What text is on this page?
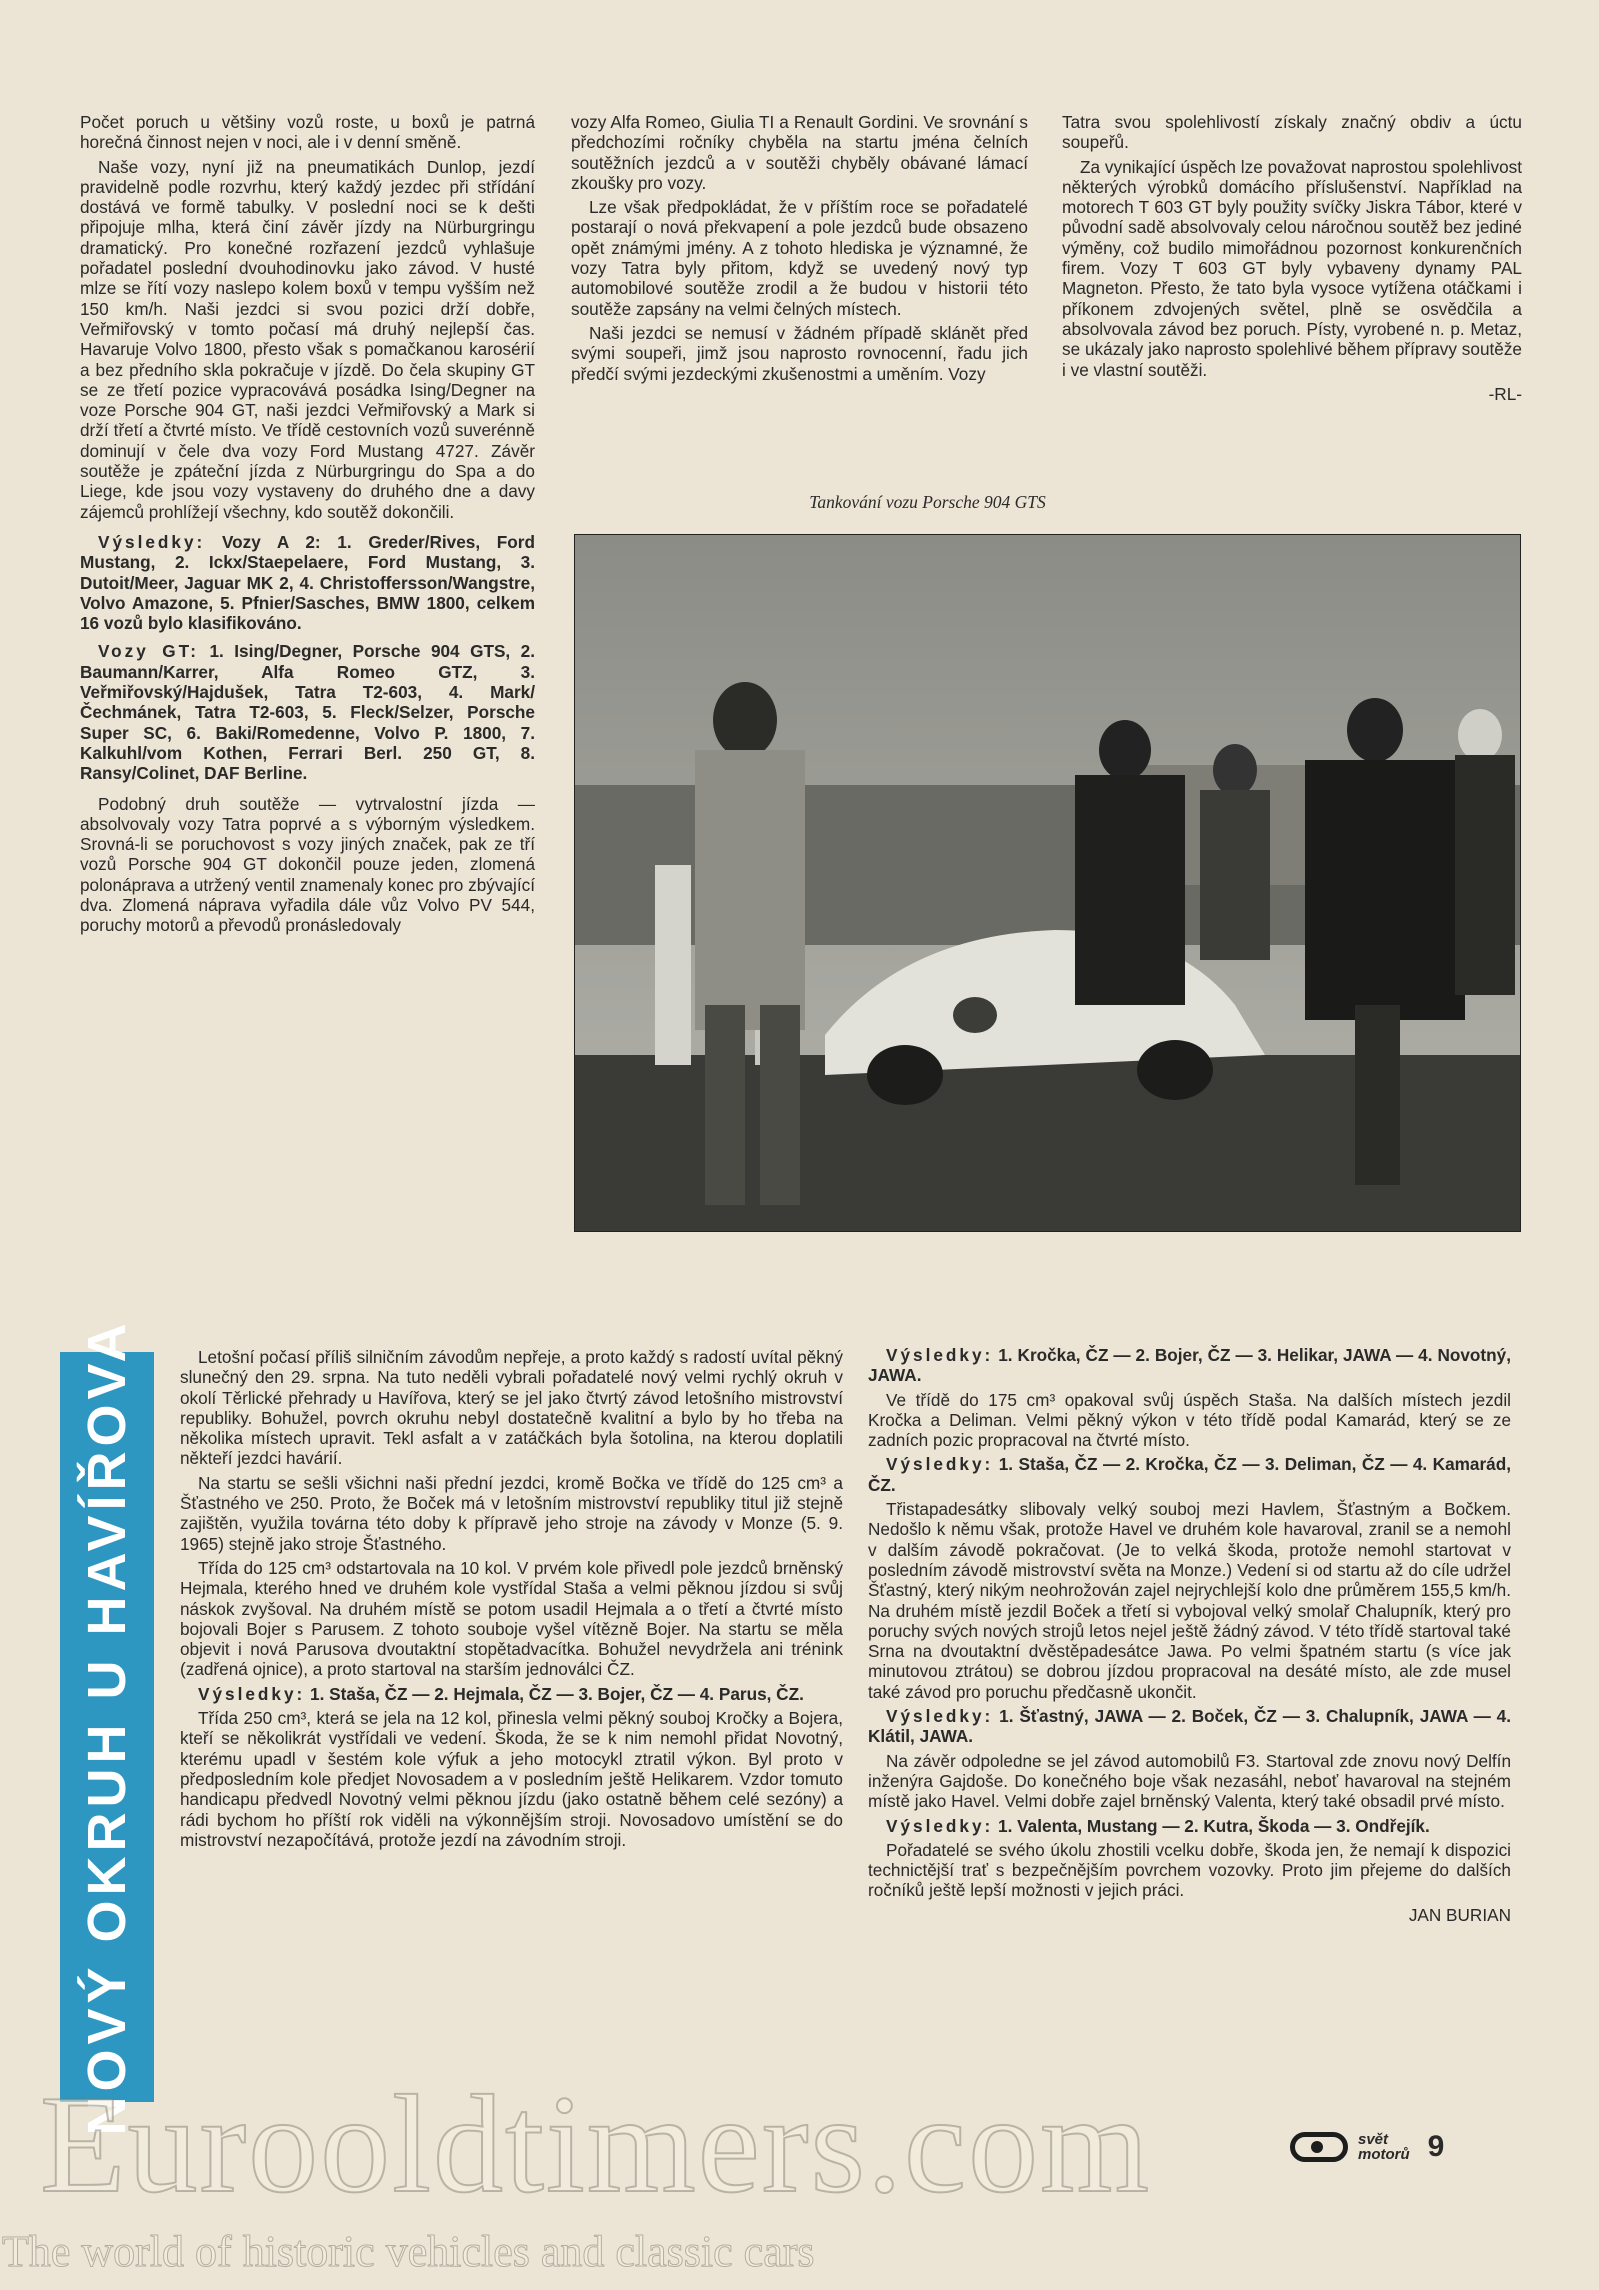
Počet poruch u většiny vozů roste, u boxů je patrná horečná činnost nejen v noci, ale i v denní směně.

Naše vozy, nyní již na pneumatikách Dunlop, jezdí pravidelně podle rozvrhu, který každý jezdec při střídání dostává ve formě tabulky. V poslední noci se k dešti připojuje mlha, která činí závěr jízdy na Nürburgringu dramatický. Pro konečné rozřazení jezdců vyhlašuje pořadatel poslední dvouhodinovku jako závod. V husté mlze se řítí vozy naslepo kolem boxů v tempu vyšším než 150 km/h. Naši jezdci si svou pozici drží dobře, Veřmiřovský v tomto počasí má druhý nejlepší čas. Havaruje Volvo 1800, přesto však s pomačkanou karosérií a bez předního skla pokračuje v jízdě. Do čela skupiny GT se ze třetí pozice vypracovává posádka Ising/Degner na voze Porsche 904 GT, naši jezdci Veřmiřovský a Mark si drží třetí a čtvrté místo. Ve třídě cestovních vozů suverénně dominují v čele dva vozy Ford Mustang 4727. Závěr soutěže je zpáteční jízda z Nürburgringu do Spa a do Liege, kde jsou vozy vystaveny do druhého dne a davy zájemců prohlížejí všechny, kdo soutěž dokončili.

Výsledky: Vozy A 2: 1. Greder/Rives, Ford Mustang, 2. Ickx/Staepelaere, Ford Mustang, 3. Dutoit/Meer, Jaguar MK 2, 4. Christoffersson/Wangstre, Volvo Amazone, 5. Pfnier/Sasches, BMW 1800, celkem 16 vozů bylo klasifikováno.

Vozy GT: 1. Ising/Degner, Porsche 904 GTS, 2. Baumann/Karrer, Alfa Romeo GTZ, 3. Veřmiřovský/Hajdušek, Tatra T2-603, 4. Mark/Čechmánek, Tatra T2-603, 5. Fleck/Selzer, Porsche Super SC, 6. Baki/Romedenne, Volvo P. 1800, 7. Kalkuhl/vom Kothen, Ferrari Berl. 250 GT, 8. Ransy/Colinet, DAF Berline.

Podobný druh soutěže — vytrvalostní jízda — absolvovaly vozy Tatra poprvé a s výborným výsledkem. Srovná-li se poruchovost s vozy jiných značek, pak ze tří vozů Porsche 904 GT dokončil pouze jeden, zlomená polonáprava a utržený ventil znamenaly konec pro zbývající dva. Zlomená náprava vyřadila dále vůz Volvo PV 544, poruchy motorů a převodů pronásledovaly

vozy Alfa Romeo, Giulia TI a Renault Gordini. Ve srovnání s předchozími ročníky chyběla na startu jména čelních soutěžních jezdců a v soutěži chyběly obávané lámací zkoušky pro vozy.

Lze však předpokládat, že v příštím roce se pořadatelé postarají o nová překvapení a pole jezdců bude obsazeno opět známými jmény. A z tohoto hlediska je významné, že vozy Tatra byly přitom, když se uvedený nový typ automobilové soutěže zrodil a že budou v historii této soutěže zapsány na velmi čelných místech.

Naši jezdci se nemusí v žádném případě sklánět před svými soupeři, jimž jsou naprosto rovnocenní, řadu jich předčí svými jezdeckými zkušenostmi a uměním. Vozy

Tatra svou spolehlivostí získaly značný obdiv a úctu soupeřů.

Za vynikající úspěch lze považovat naprostou spolehlivost některých výrobků domácího příslušenství. Například na motorech T 603 GT byly použity svíčky Jiskra Tábor, které v původní sadě absolvovaly celou náročnou soutěž bez jediné výměny, což budilo mimořádnou pozornost konkurenčních firem. Vozy T 603 GT byly vybaveny dynamy PAL Magneton. Přesto, že tato byla vysoce vytížena otáčkami i příkonem zdvojených světel, plně se osvědčila a absolvovala závod bez poruch. Písty, vyrobené n. p. Metaz, se ukázaly jako naprosto spolehlivé během přípravy soutěže i ve vlastní soutěži.

-RL-
Tankování vozu Porsche 904 GTS
NOVÝ OKRUH U HAVÍŘOVA	Letošní počasí příliš silničním závodům nepřeje, a proto každý s radostí uvítal pěkný slunečný den 29. srpna. Na tuto neděli vybrali pořadatelé nový velmi rychlý okruh v okolí Těrlické přehrady u Havířova, který se jel jako čtvrtý závod letošního mistrovství republiky. Bohužel, povrch okruhu nebyl dostatečně kvalitní a bylo by ho třeba na několika místech upravit. Tekl asfalt a v zatáčkách byla šotolina, na kterou doplatili někteří jezdci havárií.

Na startu se sešli všichni naši přední jezdci, kromě Bočka ve třídě do 125 cm³ a Šťastného ve 250. Proto, že Boček má v letošním mistrovství republiky titul již stejně zajištěn, využila továrna této doby k přípravě jeho stroje na závody v Monze (5. 9. 1965) stejně jako stroje Šťastného.

Třída do 125 cm³ odstartovala na 10 kol. V prvém kole přivedl pole jezdců brněnský Hejmala, kterého hned ve druhém kole vystřídal Staša a velmi pěknou jízdou si svůj náskok zvyšoval. Na druhém místě se potom usadil Hejmala a o třetí a čtvrté místo bojovali Bojer s Parusem. Z tohoto souboje vyšel vítězně Bojer. Na startu se měla objevit i nová Parusova dvoutaktní stopětadvacítka. Bohužel nevydržela ani trénink (zadřená ojnice), a proto startoval na starším jednoválci ČZ.

Výsledky: 1. Staša, ČZ — 2. Hejmala, ČZ — 3. Bojer, ČZ — 4. Parus, ČZ.

Třída 250 cm³, která se jela na 12 kol, přinesla velmi pěkný souboj Kročky a Bojera, kteří se několikrát vystřídali ve vedení. Škoda, že se k nim nemohl přidat Novotný, kterému upadl v šestém kole výfuk a jeho motocykl ztratil výkon. Byl proto v předposledním kole předjet Novosadem a v posledním ještě Helikarem. Vzdor tomuto handicapu předvedl Novotný velmi pěknou jízdu (jako ostatně během celé sezóny) a rádi bychom ho příští rok viděli na výkonnějším stroji. Novosadovo umístění se do mistrovství nezapočítává, protože jezdí na závodním stroji.

Výsledky: 1. Kročka, ČZ — 2. Bojer, ČZ — 3. Helikar, JAWA — 4. Novotný, JAWA.

Ve třídě do 175 cm³ opakoval svůj úspěch Staša. Na dalších místech jezdil Kročka a Deliman. Velmi pěkný výkon v této třídě podal Kamarád, který se ze zadních pozic propracoval na čtvrté místo.

Výsledky: 1. Staša, ČZ — 2. Kročka, ČZ — 3. Deliman, ČZ — 4. Kamarád, ČZ.

Třistapadesátky slibovaly velký souboj mezi Havlem, Šťastným a Bočkem. Nedošlo k němu však, protože Havel ve druhém kole havaroval, zranil se a nemohl v dalším závodě pokračovat. (Je to velká škoda, protože nemohl startovat v posledním závodě mistrovství světa na Monze.) Vedení si od startu až do cíle udržel Šťastný, který nikým neohrožován zajel nejrychlejší kolo dne průměrem 155,5 km/h. Na druhém místě jezdil Boček a třetí si vybojoval velký smolař Chalupník, který pro poruchy svých nových strojů letos nejel ještě žádný závod. V této třídě startoval také Srna na dvoutaktní dvěstěpadesátce Jawa. Po velmi špatném startu (s více jak minutovou ztrátou) se dobrou jízdou propracoval na desáté místo, ale zde musel také závod pro poruchu předčasně ukončit.

Výsledky: 1. Šťastný, JAWA — 2. Boček, ČZ — 3. Chalupník, JAWA — 4. Klátil, JAWA.

Na závěr odpoledne se jel závod automobilů F3. Startoval zde znovu nový Delfín inženýra Gajdoše. Do konečného boje však nezasáhl, neboť havaroval na stejném místě jako Havel. Velmi dobře zajel brněnský Valenta, který také obsadil prvé místo.

Výsledky: 1. Valenta, Mustang — 2. Kutra, Škoda — 3. Ondřejík.

Pořadatelé se svého úkolu zhostili vcelku dobře, škoda jen, že nemají k dispozici technictější trať s bezpečnějším povrchem vozovky. Proto jim přejeme do dalších ročníků ještě lepší možnosti v jejich práci.

JAN BURIAN
Eurooldtimers.com
The world of historic vehicles and classic cars
svět
motorů 9
